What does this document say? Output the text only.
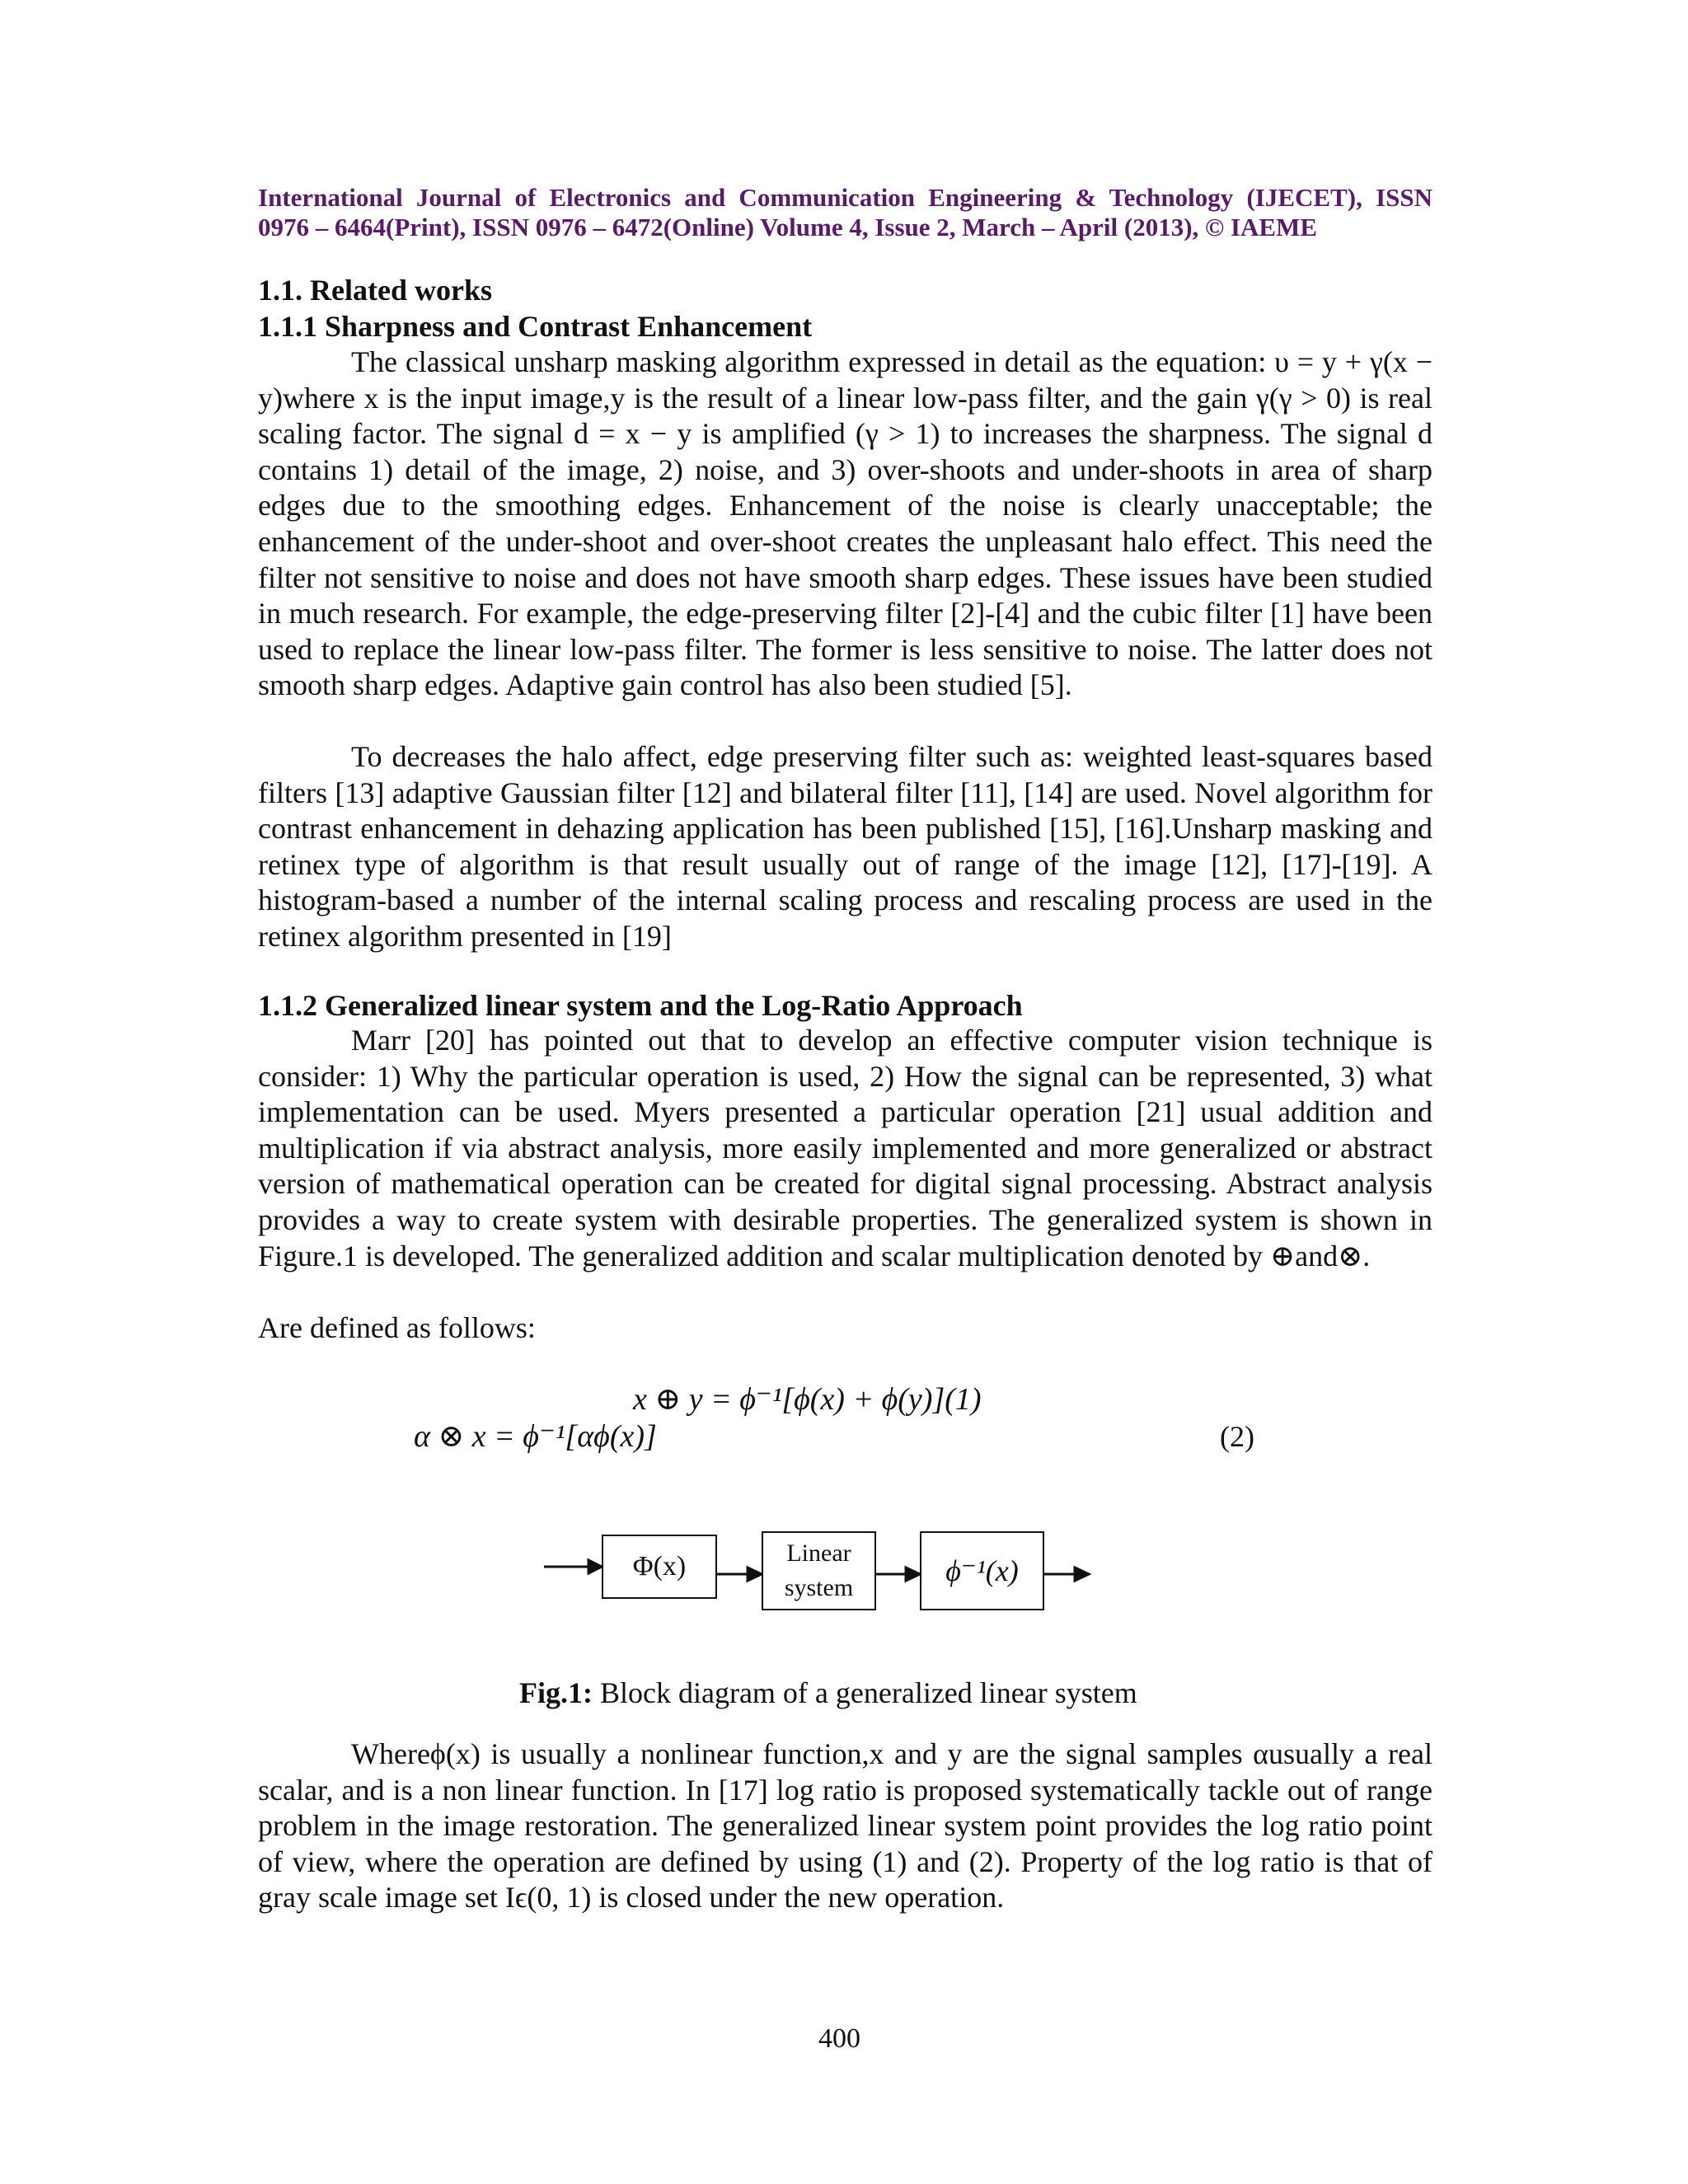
International Journal of Electronics and Communication Engineering & Technology (IJECET), ISSN
0976 – 6464(Print), ISSN 0976 – 6472(Online) Volume 4, Issue 2, March – April (2013), © IAEME
1.1. Related works
1.1.1 Sharpness and Contrast Enhancement
The classical unsharp masking algorithm expressed in detail as the equation: υ = y + γ(x − y)where x is the input image,y is the result of a linear low-pass filter, and the gain γ(γ > 0) is real scaling factor. The signal d = x − y is amplified (γ > 1) to increases the sharpness. The signal d contains 1) detail of the image, 2) noise, and 3) over-shoots and under-shoots in area of sharp edges due to the smoothing edges. Enhancement of the noise is clearly unacceptable; the enhancement of the under-shoot and over-shoot creates the unpleasant halo effect. This need the filter not sensitive to noise and does not have smooth sharp edges. These issues have been studied in much research. For example, the edge-preserving filter [2]-[4] and the cubic filter [1] have been used to replace the linear low-pass filter. The former is less sensitive to noise. The latter does not smooth sharp edges. Adaptive gain control has also been studied [5].
To decreases the halo affect, edge preserving filter such as: weighted least-squares based filters [13] adaptive Gaussian filter [12] and bilateral filter [11], [14] are used. Novel algorithm for contrast enhancement in dehazing application has been published [15], [16].Unsharp masking and retinex type of algorithm is that result usually out of range of the image [12], [17]-[19]. A histogram-based a number of the internal scaling process and rescaling process are used in the retinex algorithm presented in [19]
1.1.2 Generalized linear system and the Log-Ratio Approach
Marr [20] has pointed out that to develop an effective computer vision technique is consider: 1) Why the particular operation is used, 2) How the signal can be represented, 3) what implementation can be used. Myers presented a particular operation [21] usual addition and multiplication if via abstract analysis, more easily implemented and more generalized or abstract version of mathematical operation can be created for digital signal processing. Abstract analysis provides a way to create system with desirable properties. The generalized system is shown in Figure.1 is developed. The generalized addition and scalar multiplication denoted by ⊕and⊗.
Are defined as follows:
x ⊕ y = ϕ⁻¹[ϕ(x) + ϕ(y)](1)
α ⊗ x = ϕ⁻¹[αϕ(x)]	(2)
Φ(x)	Linear
system
ϕ⁻¹(x)
Fig.1: Block diagram of a generalized linear system
Whereϕ(x) is usually a nonlinear function,x and y are the signal samples αusually a real scalar, and is a non linear function. In [17] log ratio is proposed systematically tackle out of range problem in the image restoration. The generalized linear system point provides the log ratio point of view, where the operation are defined by using (1) and (2). Property of the log ratio is that of gray scale image set Iϵ(0, 1) is closed under the new operation.
400
